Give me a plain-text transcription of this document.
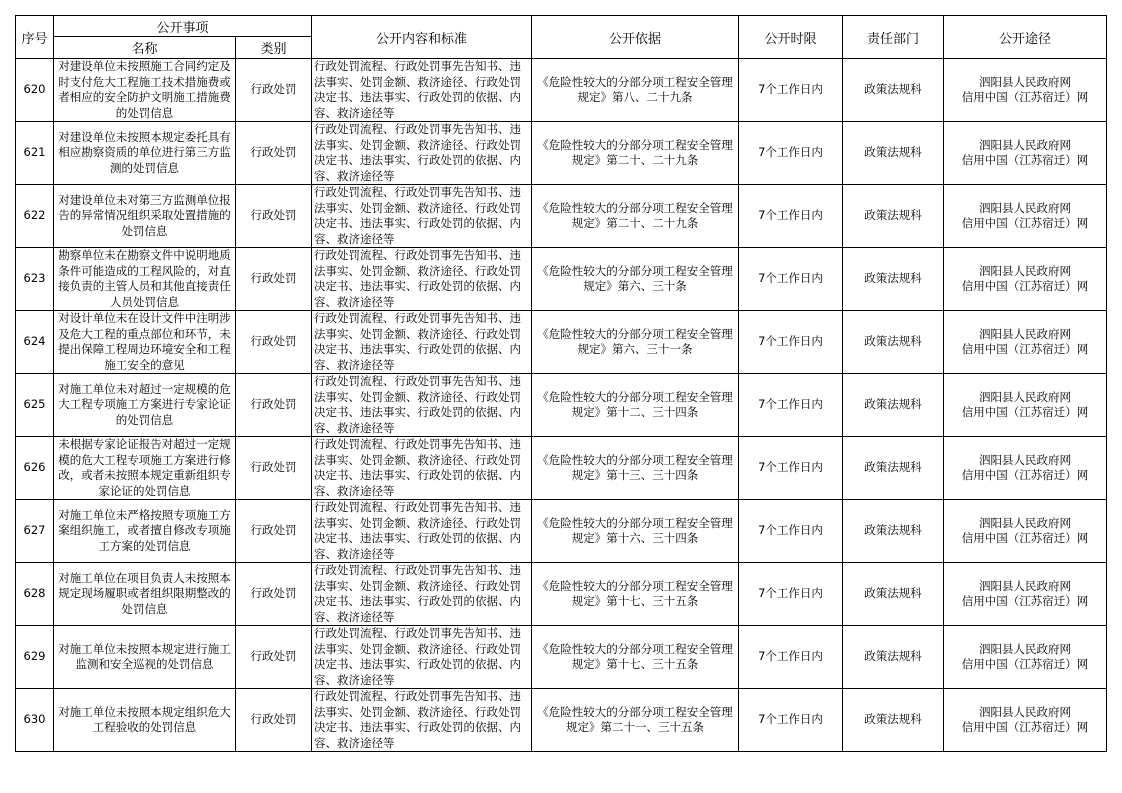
序号	公开事项		公开内容和标准	公开依据	公开时限	责任部门	公开途径
	名称	类别					
620	对建设单位未按照施工合同约定及时支付危大工程施工技术措施费或者相应的安全防护文明施工措施费的处罚信息	行政处罚	行政处罚流程、行政处罚事先告知书、违法事实、处罚金额、救济途径、行政处罚决定书、违法事实、行政处罚的依据、内容、救济途径等	《危险性较大的分部分项工程安全管理规定》第八、二十九条	7个工作日内	政策法规科	泗阳县人民政府网
信用中国（江苏宿迁）网

621	对建设单位未按照本规定委托具有相应勘察资质的单位进行第三方监测的处罚信息	行政处罚	行政处罚流程、行政处罚事先告知书、违法事实、处罚金额、救济途径、行政处罚决定书、违法事实、行政处罚的依据、内容、救济途径等	《危险性较大的分部分项工程安全管理规定》第二十、二十九条	7个工作日内	政策法规科	泗阳县人民政府网
信用中国（江苏宿迁）网

622	对建设单位未对第三方监测单位报告的异常情况组织采取处置措施的处罚信息	行政处罚	行政处罚流程、行政处罚事先告知书、违法事实、处罚金额、救济途径、行政处罚决定书、违法事实、行政处罚的依据、内容、救济途径等	《危险性较大的分部分项工程安全管理规定》第二十、二十九条	7个工作日内	政策法规科	泗阳县人民政府网
信用中国（江苏宿迁）网

623	勘察单位未在勘察文件中说明地质条件可能造成的工程风险的，对直接负责的主管人员和其他直接责任人员处罚信息	行政处罚	行政处罚流程、行政处罚事先告知书、违法事实、处罚金额、救济途径、行政处罚决定书、违法事实、行政处罚的依据、内容、救济途径等	《危险性较大的分部分项工程安全管理规定》第六、三十条	7个工作日内	政策法规科	泗阳县人民政府网
信用中国（江苏宿迁）网

624	对设计单位未在设计文件中注明涉及危大工程的重点部位和环节，未提出保障工程周边环境安全和工程施工安全的意见	行政处罚	行政处罚流程、行政处罚事先告知书、违法事实、处罚金额、救济途径、行政处罚决定书、违法事实、行政处罚的依据、内容、救济途径等	《危险性较大的分部分项工程安全管理规定》第六、三十一条	7个工作日内	政策法规科	泗阳县人民政府网
信用中国（江苏宿迁）网

625	对施工单位未对超过一定规模的危大工程专项施工方案进行专家论证的处罚信息	行政处罚	行政处罚流程、行政处罚事先告知书、违法事实、处罚金额、救济途径、行政处罚决定书、违法事实、行政处罚的依据、内容、救济途径等	《危险性较大的分部分项工程安全管理规定》第十二、三十四条	7个工作日内	政策法规科	泗阳县人民政府网
信用中国（江苏宿迁）网

626	未根据专家论证报告对超过一定规模的危大工程专项施工方案进行修改，或者未按照本规定重新组织专家论证的处罚信息	行政处罚	行政处罚流程、行政处罚事先告知书、违法事实、处罚金额、救济途径、行政处罚决定书、违法事实、行政处罚的依据、内容、救济途径等	《危险性较大的分部分项工程安全管理规定》第十三、三十四条	7个工作日内	政策法规科	泗阳县人民政府网
信用中国（江苏宿迁）网

627	对施工单位未严格按照专项施工方案组织施工，或者擅自修改专项施工方案的处罚信息	行政处罚	行政处罚流程、行政处罚事先告知书、违法事实、处罚金额、救济途径、行政处罚决定书、违法事实、行政处罚的依据、内容、救济途径等	《危险性较大的分部分项工程安全管理规定》第十六、三十四条	7个工作日内	政策法规科	泗阳县人民政府网
信用中国（江苏宿迁）网

628	对施工单位在项目负责人未按照本规定现场履职或者组织限期整改的处罚信息	行政处罚	行政处罚流程、行政处罚事先告知书、违法事实、处罚金额、救济途径、行政处罚决定书、违法事实、行政处罚的依据、内容、救济途径等	《危险性较大的分部分项工程安全管理规定》第十七、三十五条	7个工作日内	政策法规科	泗阳县人民政府网
信用中国（江苏宿迁）网

629	对施工单位未按照本规定进行施工监测和安全巡视的处罚信息	行政处罚	行政处罚流程、行政处罚事先告知书、违法事实、处罚金额、救济途径、行政处罚决定书、违法事实、行政处罚的依据、内容、救济途径等	《危险性较大的分部分项工程安全管理规定》第十七、三十五条	7个工作日内	政策法规科	泗阳县人民政府网
信用中国（江苏宿迁）网

630	对施工单位未按照本规定组织危大工程验收的处罚信息	行政处罚	行政处罚流程、行政处罚事先告知书、违法事实、处罚金额、救济途径、行政处罚决定书、违法事实、行政处罚的依据、内容、救济途径等	《危险性较大的分部分项工程安全管理规定》第二十一、三十五条	7个工作日内	政策法规科	泗阳县人民政府网
信用中国（江苏宿迁）网
